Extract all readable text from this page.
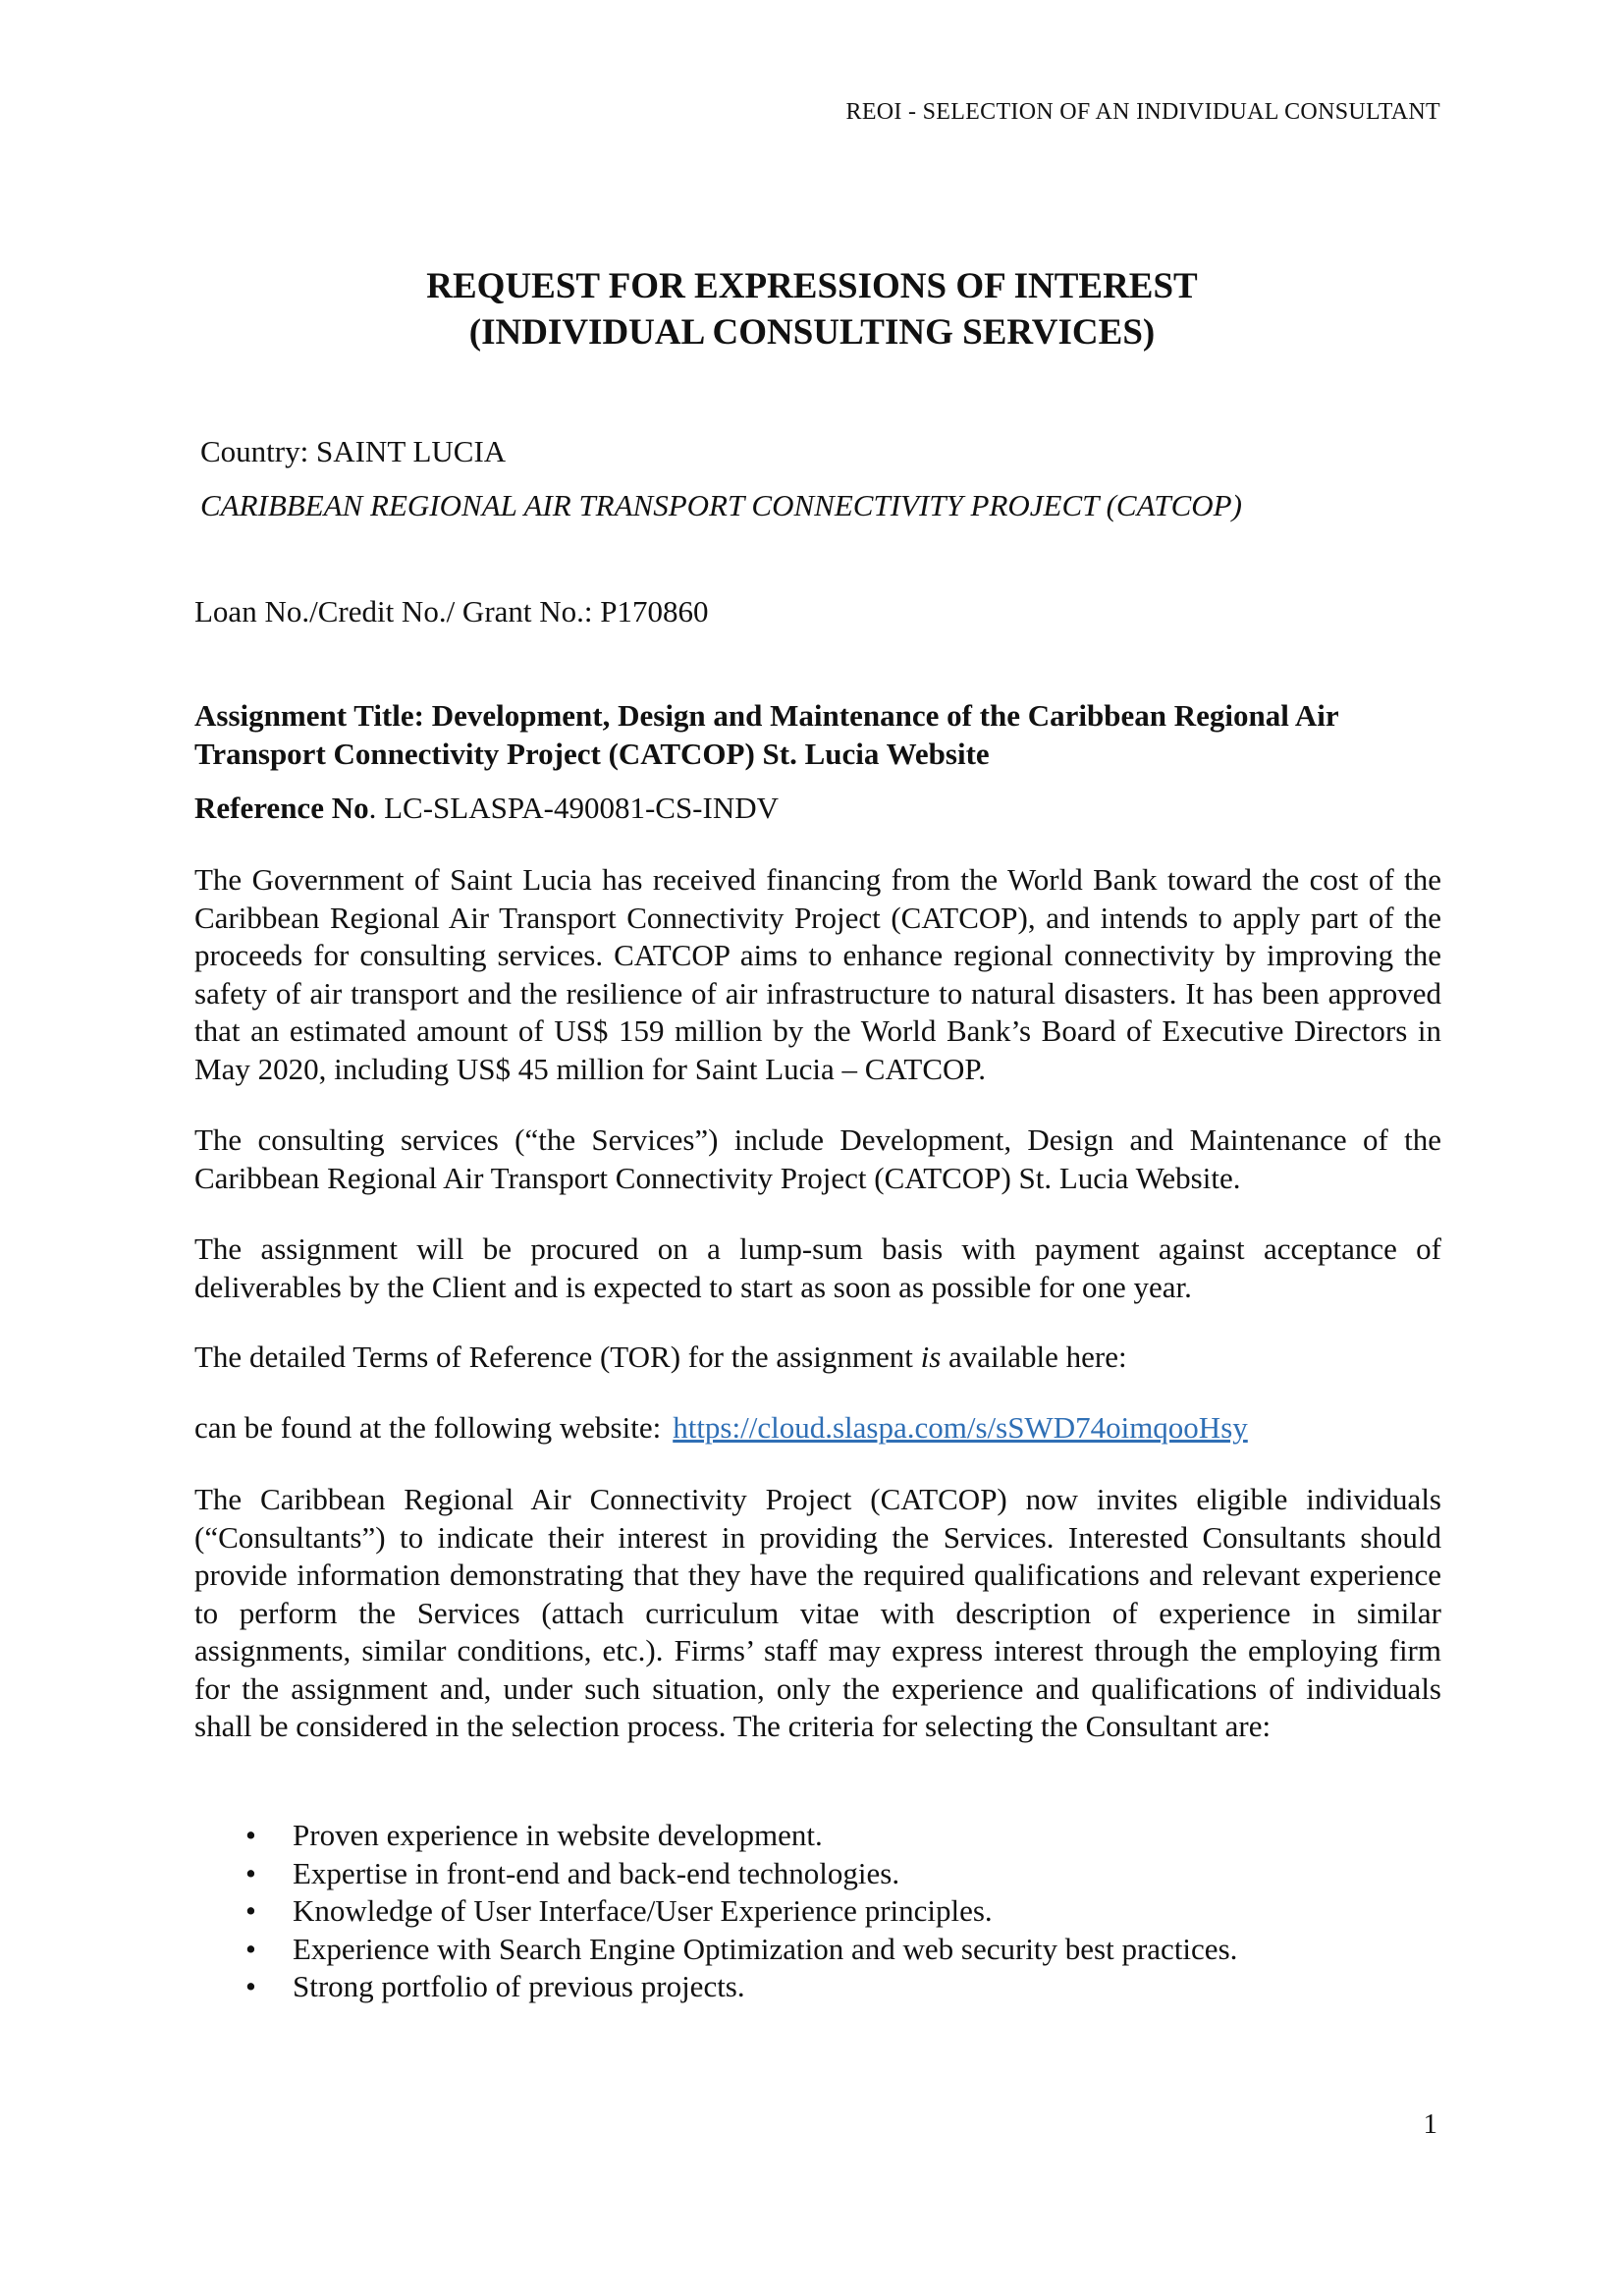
REOI - SELECTION OF AN INDIVIDUAL CONSULTANT
REQUEST FOR EXPRESSIONS OF INTEREST
(INDIVIDUAL CONSULTING SERVICES)
Country: SAINT LUCIA
CARIBBEAN REGIONAL AIR TRANSPORT CONNECTIVITY PROJECT (CATCOP)
Loan No./Credit No./ Grant No.: P170860
Assignment Title: Development, Design and Maintenance of the Caribbean Regional Air Transport Connectivity Project (CATCOP) St. Lucia Website
Reference No. LC-SLASPA-490081-CS-INDV
The Government of Saint Lucia has received financing from the World Bank toward the cost of the Caribbean Regional Air Transport Connectivity Project (CATCOP), and intends to apply part of the proceeds for consulting services. CATCOP aims to enhance regional connectivity by improving the safety of air transport and the resilience of air infrastructure to natural disasters. It has been approved that an estimated amount of US$ 159 million by the World Bank’s Board of Executive Directors in May 2020, including US$ 45 million for Saint Lucia – CATCOP.
The consulting services (“the Services”) include Development, Design and Maintenance of the Caribbean Regional Air Transport Connectivity Project (CATCOP) St. Lucia Website.
The assignment will be procured on a lump-sum basis with payment against acceptance of deliverables by the Client and is expected to start as soon as possible for one year.
The detailed Terms of Reference (TOR) for the assignment is available here:
can be found at the following website: https://cloud.slaspa.com/s/sSWD74oimqooHsy
The Caribbean Regional Air Connectivity Project (CATCOP) now invites eligible individuals (“Consultants”) to indicate their interest in providing the Services. Interested Consultants should provide information demonstrating that they have the required qualifications and relevant experience to perform the Services (attach curriculum vitae with description of experience in similar assignments, similar conditions, etc.). Firms’ staff may express interest through the employing firm for the assignment and, under such situation, only the experience and qualifications of individuals shall be considered in the selection process. The criteria for selecting the Consultant are:
• Proven experience in website development.
• Expertise in front-end and back-end technologies.
• Knowledge of User Interface/User Experience principles.
• Experience with Search Engine Optimization and web security best practices.
• Strong portfolio of previous projects.
1
